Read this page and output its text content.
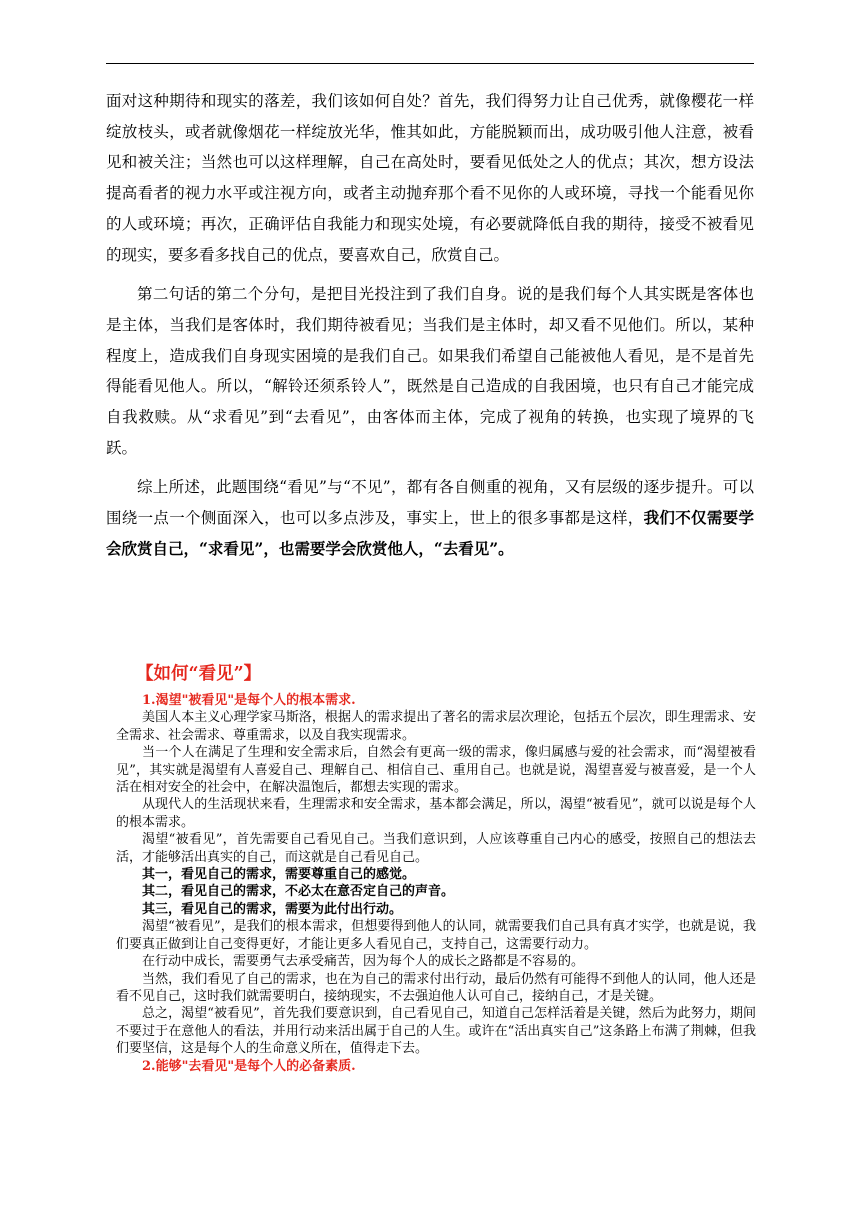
面对这种期待和现实的落差，我们该如何自处？首先，我们得努力让自己优秀，就像樱花一样绽放枝头，或者就像烟花一样绽放光华，惟其如此，方能脱颖而出，成功吸引他人注意，被看见和被关注；当然也可以这样理解，自己在高处时，要看见低处之人的优点；其次，想方设法提高看者的视力水平或注视方向，或者主动抛弃那个看不见你的人或环境，寻找一个能看见你的人或环境；再次，正确评估自我能力和现实处境，有必要就降低自我的期待，接受不被看见的现实，要多看多找自己的优点，要喜欢自己，欣赏自己。

第二句话的第二个分句，是把目光投注到了我们自身。说的是我们每个人其实既是客体也是主体，当我们是客体时，我们期待被看见；当我们是主体时，却又看不见他们。所以，某种程度上，造成我们自身现实困境的是我们自己。如果我们希望自己能被他人看见，是不是首先得能看见他人。所以，“解铃还须系铃人”，既然是自己造成的自我困境，也只有自己才能完成自我救赎。从“求看见”到“去看见”，由客体而主体，完成了视角的转换，也实现了境界的飞跃。

综上所述，此题围绕“看见”与“不见”，都有各自侧重的视角，又有层级的逐步提升。可以围绕一点一个侧面深入，也可以多点涉及，事实上，世上的很多事都是这样，我们不仅需要学会欣赏自己，“求看见”，也需要学会欣赏他人，“去看见”。

【如何“看见”】

1.渴望"被看见"是每个人的根本需求.

美国人本主义心理学家马斯洛，根据人的需求提出了著名的需求层次理论，包括五个层次，即生理需求、安全需求、社会需求、尊重需求，以及自我实现需求。

当一个人在满足了生理和安全需求后，自然会有更高一级的需求，像归属感与爱的社会需求，而“渴望被看见”，其实就是渴望有人喜爱自己、理解自己、相信自己、重用自己。也就是说，渴望喜爱与被喜爱，是一个人活在相对安全的社会中，在解决温饱后，都想去实现的需求。

从现代人的生活现状来看，生理需求和安全需求，基本都会满足，所以，渴望“被看见”，就可以说是每个人的根本需求。

渴望“被看见”，首先需要自己看见自己。当我们意识到，人应该尊重自己内心的感受，按照自己的想法去活，才能够活出真实的自己，而这就是自己看见自己。

其一，看见自己的需求，需要尊重自己的感觉。

其二，看见自己的需求，不必太在意否定自己的声音。

其三，看见自己的需求，需要为此付出行动。

渴望“被看见”，是我们的根本需求，但想要得到他人的认同，就需要我们自己具有真才实学，也就是说，我们要真正做到让自己变得更好，才能让更多人看见自己，支持自己，这需要行动力。

在行动中成长，需要勇气去承受痛苦，因为每个人的成长之路都是不容易的。

当然，我们看见了自己的需求，也在为自己的需求付出行动，最后仍然有可能得不到他人的认同，他人还是看不见自己，这时我们就需要明白，接纳现实，不去强迫他人认可自己，接纳自己，才是关键。

总之，渴望“被看见”，首先我们要意识到，自己看见自己，知道自己怎样活着是关键，然后为此努力，期间不要过于在意他人的看法，并用行动来活出属于自己的人生。或许在“活出真实自己”这条路上布满了荆棘，但我们要坚信，这是每个人的生命意义所在，值得走下去。

2.能够"去看见"是每个人的必备素质.
